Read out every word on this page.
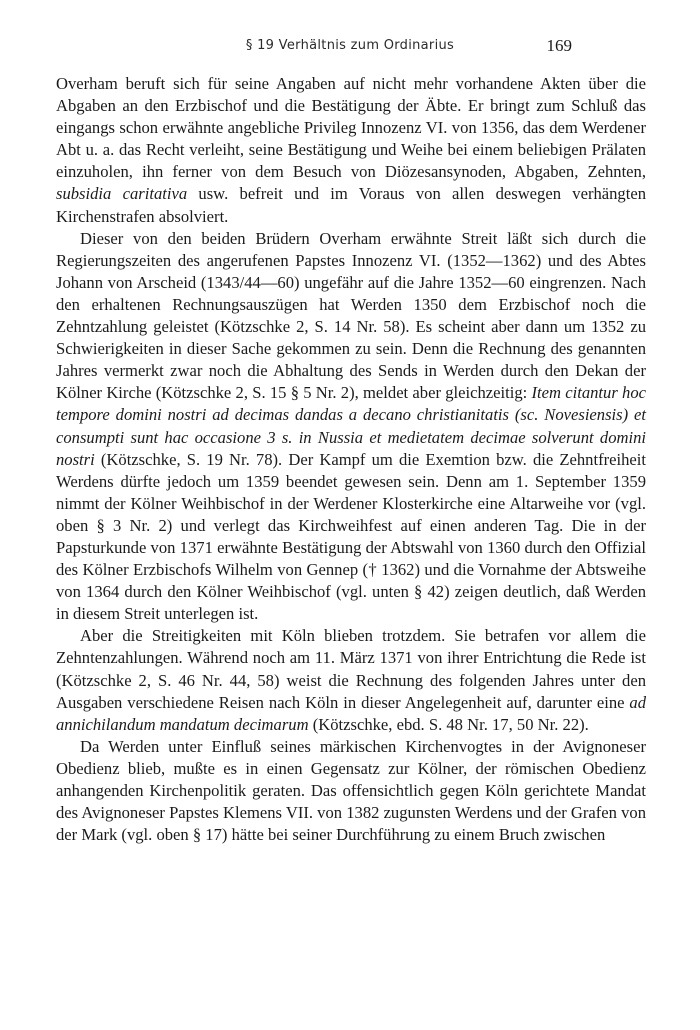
§ 19 Verhältnis zum Ordinarius	169

Overham beruft sich für seine Angaben auf nicht mehr vorhandene Akten über die Abgaben an den Erzbischof und die Bestätigung der Äbte. Er bringt zum Schluß das eingangs schon erwähnte angebliche Privileg Innozenz VI. von 1356, das dem Werdener Abt u. a. das Recht verleiht, seine Bestätigung und Weihe bei einem beliebigen Prälaten einzuholen, ihn ferner von dem Besuch von Diözesansynoden, Abgaben, Zehnten, subsidia caritativa usw. befreit und im Voraus von allen deswegen verhängten Kirchenstrafen absolviert.

Dieser von den beiden Brüdern Overham erwähnte Streit läßt sich durch die Regierungszeiten des angerufenen Papstes Innozenz VI. (1352—1362) und des Abtes Johann von Arscheid (1343/44—60) ungefähr auf die Jahre 1352—60 eingrenzen. Nach den erhaltenen Rechnungsauszügen hat Werden 1350 dem Erzbischof noch die Zehntzahlung geleistet (Kötzschke 2, S. 14 Nr. 58). Es scheint aber dann um 1352 zu Schwierigkeiten in dieser Sache gekommen zu sein. Denn die Rechnung des genannten Jahres vermerkt zwar noch die Abhaltung des Sends in Werden durch den Dekan der Kölner Kirche (Kötzschke 2, S. 15 § 5 Nr. 2), meldet aber gleichzeitig: Item citantur hoc tempore domini nostri ad decimas dandas a decano christianitatis (sc. Novesiensis) et consumpti sunt hac occasione 3 s. in Nussia et medietatem decimae solverunt domini nostri (Kötzschke, S. 19 Nr. 78). Der Kampf um die Exemtion bzw. die Zehntfreiheit Werdens dürfte jedoch um 1359 beendet gewesen sein. Denn am 1. September 1359 nimmt der Kölner Weihbischof in der Werdener Klosterkirche eine Altarweihe vor (vgl. oben § 3 Nr. 2) und verlegt das Kirchweihfest auf einen anderen Tag. Die in der Papsturkunde von 1371 erwähnte Bestätigung der Abtswahl von 1360 durch den Offizial des Kölner Erzbischofs Wilhelm von Gennep († 1362) und die Vornahme der Abtsweihe von 1364 durch den Kölner Weihbischof (vgl. unten § 42) zeigen deutlich, daß Werden in diesem Streit unterlegen ist.

Aber die Streitigkeiten mit Köln blieben trotzdem. Sie betrafen vor allem die Zehntenzahlungen. Während noch am 11. März 1371 von ihrer Entrichtung die Rede ist (Kötzschke 2, S. 46 Nr. 44, 58) weist die Rechnung des folgenden Jahres unter den Ausgaben verschiedene Reisen nach Köln in dieser Angelegenheit auf, darunter eine ad annichilandum mandatum decimarum (Kötzschke, ebd. S. 48 Nr. 17, 50 Nr. 22).

Da Werden unter Einfluß seines märkischen Kirchenvogtes in der Avignoneser Obedienz blieb, mußte es in einen Gegensatz zur Kölner, der römischen Obedienz anhangenden Kirchenpolitik geraten. Das offensichtlich gegen Köln gerichtete Mandat des Avignoneser Papstes Klemens VII. von 1382 zugunsten Werdens und der Grafen von der Mark (vgl. oben § 17) hätte bei seiner Durchführung zu einem Bruch zwischen
